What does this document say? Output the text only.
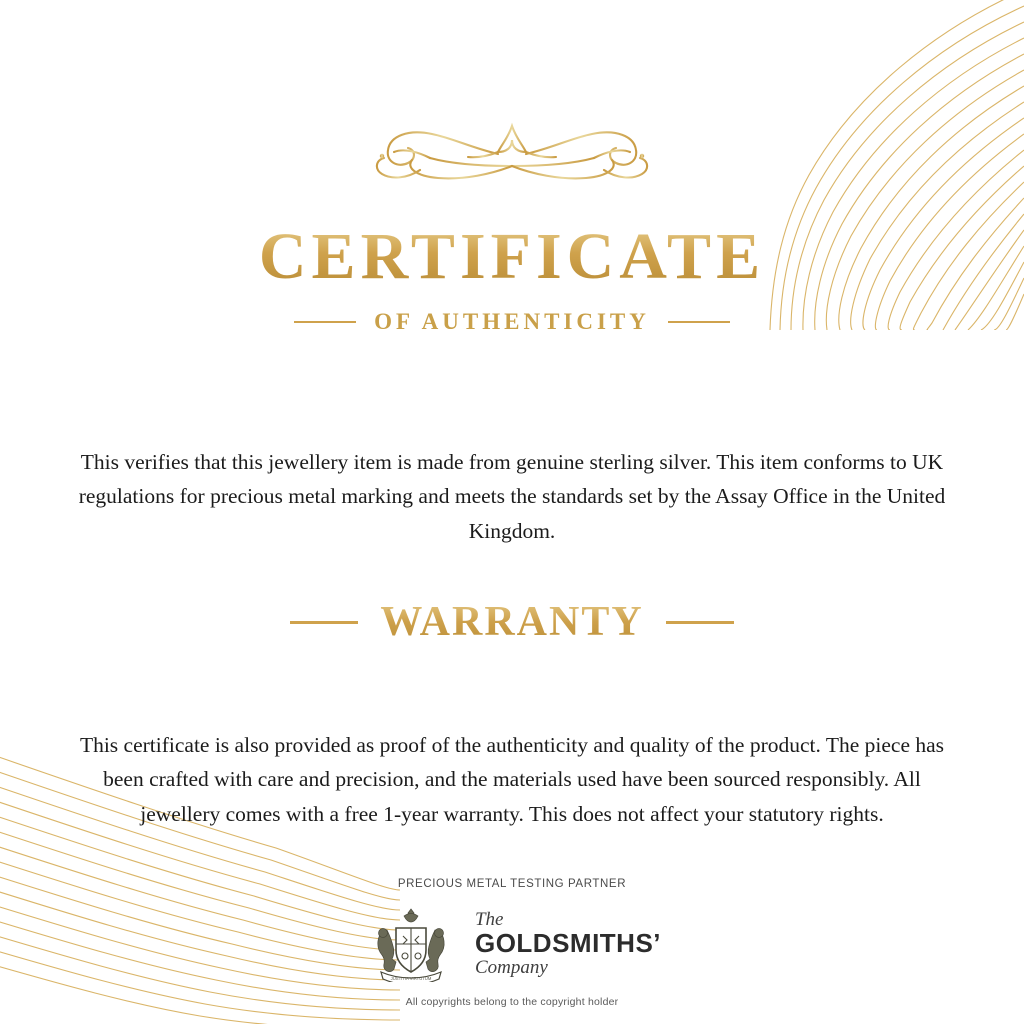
CERTIFICATE
OF AUTHENTICITY

This verifies that this jewellery item is made from genuine sterling silver. This item conforms to UK regulations for precious metal marking and meets the standards set by the Assay Office in the United Kingdom.

WARRANTY

This certificate is also provided as proof of the authenticity and quality of the product. The piece has been crafted with care and precision, and the materials used have been sourced responsibly. All jewellery comes with a free 1-year warranty. This does not affect your statutory rights.

PRECIOUS METAL TESTING PARTNER
JUSTITIA VIRTUTUM
The
GOLDSMITHS’
Company
All copyrights belong to the copyright holder
